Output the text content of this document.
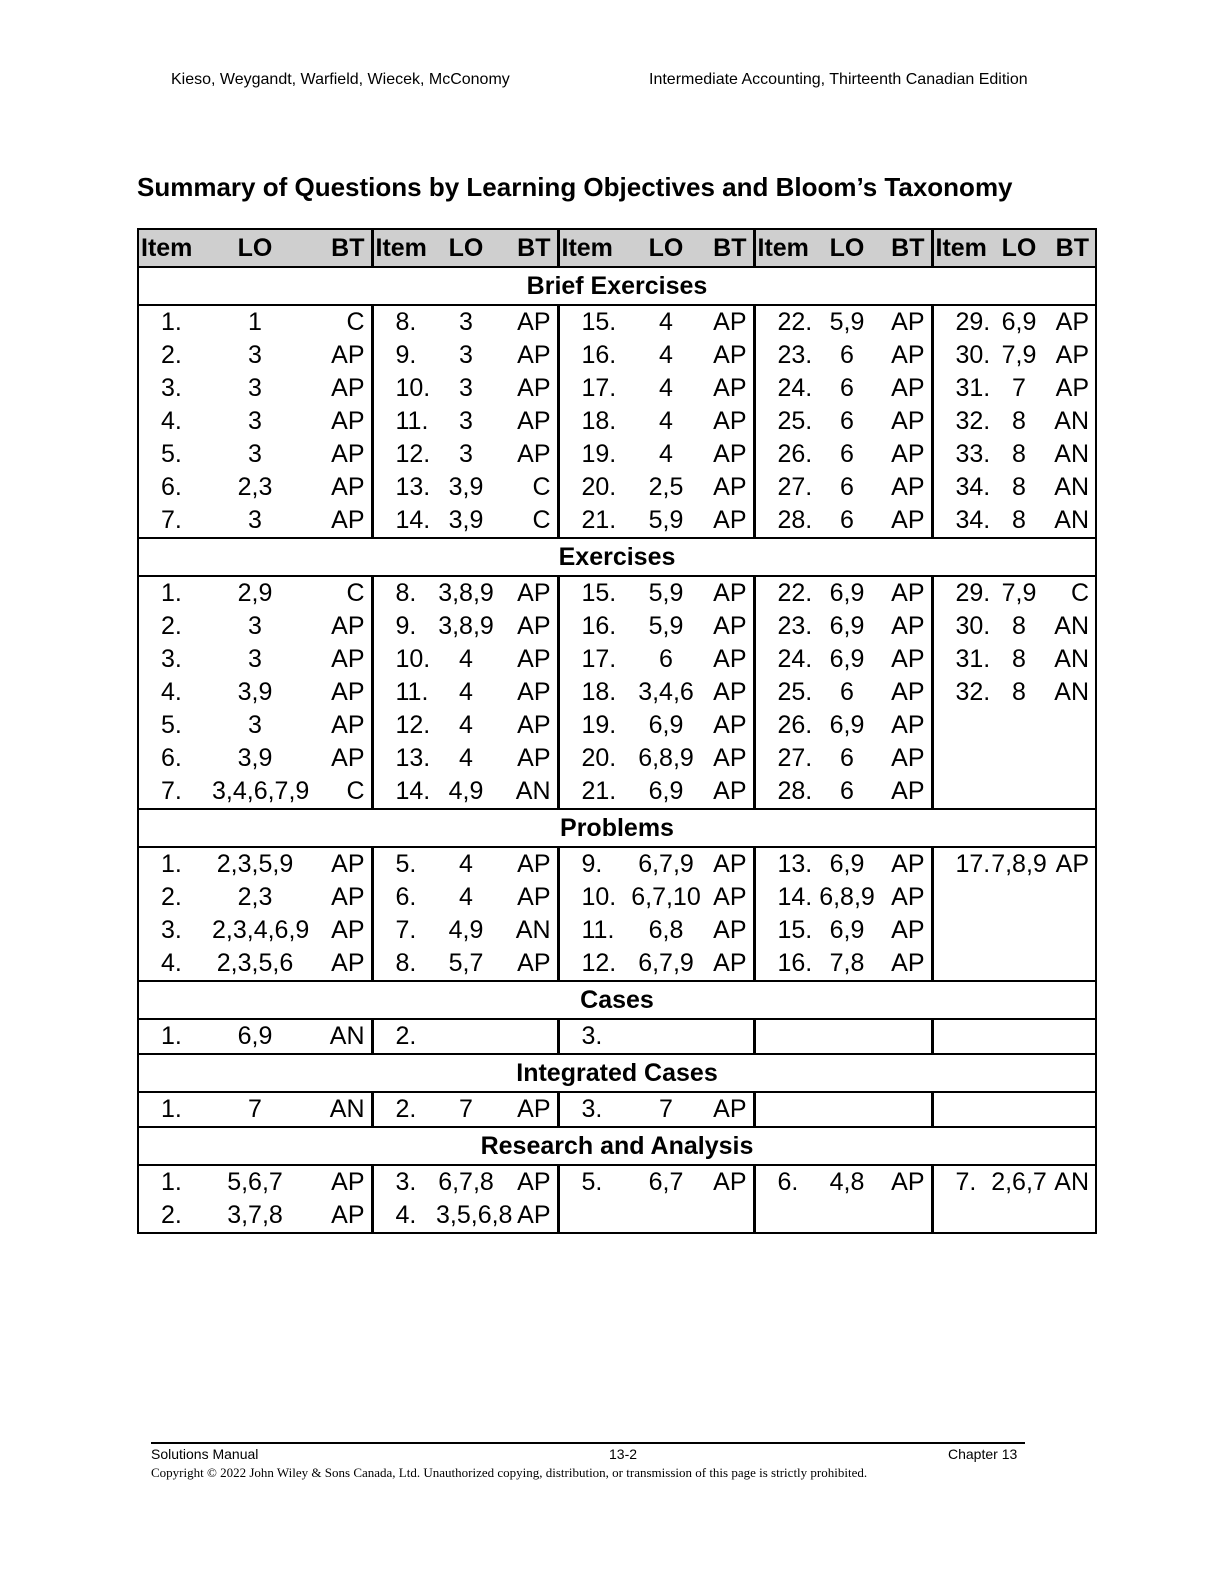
Kieso, Weygandt, Warfield, Wiecek, McConomy	Intermediate Accounting, Thirteenth Canadian Edition
Summary of Questions by Learning Objectives and Bloom’s Taxonomy
Item	LO	BT	Item	LO	BT	Item	LO	BT	Item	LO	BT	Item	LO	BT
Brief Exercises														
1.	1	C	8.	3	AP	15.	4	AP	22.	5,9	AP	29.	6,9	AP
2.	3	AP	9.	3	AP	16.	4	AP	23.	6	AP	30.	7,9	AP
3.	3	AP	10.	3	AP	17.	4	AP	24.	6	AP	31.	7	AP
4.	3	AP	11.	3	AP	18.	4	AP	25.	6	AP	32.	8	AN
5.	3	AP	12.	3	AP	19.	4	AP	26.	6	AP	33.	8	AN
6.	2,3	AP	13.	3,9	C	20.	2,5	AP	27.	6	AP	34.	8	AN
7.	3	AP	14.	3,9	C	21.	5,9	AP	28.	6	AP	34.	8	AN
Exercises														
1.	2,9	C	8.	3,8,9	AP	15.	5,9	AP	22.	6,9	AP	29.	7,9	C
2.	3	AP	9.	3,8,9	AP	16.	5,9	AP	23.	6,9	AP	30.	8	AN
3.	3	AP	10.	4	AP	17.	6	AP	24.	6,9	AP	31.	8	AN
4.	3,9	AP	11.	4	AP	18.	3,4,6	AP	25.	6	AP	32.	8	AN
5.	3	AP	12.	4	AP	19.	6,9	AP	26.	6,9	AP			
6.	3,9	AP	13.	4	AP	20.	6,8,9	AP	27.	6	AP			
7.	3,4,6,7,9	C	14.	4,9	AN	21.	6,9	AP	28.	6	AP			
Problems														
1.	2,3,5,9	AP	5.	4	AP	9.	6,7,9	AP	13.	6,9	AP	17.	7,8,9	AP
2.	2,3	AP	6.	4	AP	10.	6,7,10	AP	14.	6,8,9	AP			
3.	2,3,4,6,9	AP	7.	4,9	AN	11.	6,8	AP	15.	6,9	AP			
4.	2,3,5,6	AP	8.	5,7	AP	12.	6,7,9	AP	16.	7,8	AP			
Cases														
1.	6,9	AN	2.			3.								
Integrated Cases														
1.	7	AN	2.	7	AP	3.	7	AP						
Research and Analysis														
1.	5,6,7	AP	3.	6,7,8	AP	5.	6,7	AP	6.	4,8	AP	7.	2,6,7	AN
2.	3,7,8	AP	4.	3,5,6,8	AP									
Solutions Manual	13-2	Chapter 13
Copyright © 2022 John Wiley & Sons Canada, Ltd. Unauthorized copying, distribution, or transmission of this page is strictly prohibited.
